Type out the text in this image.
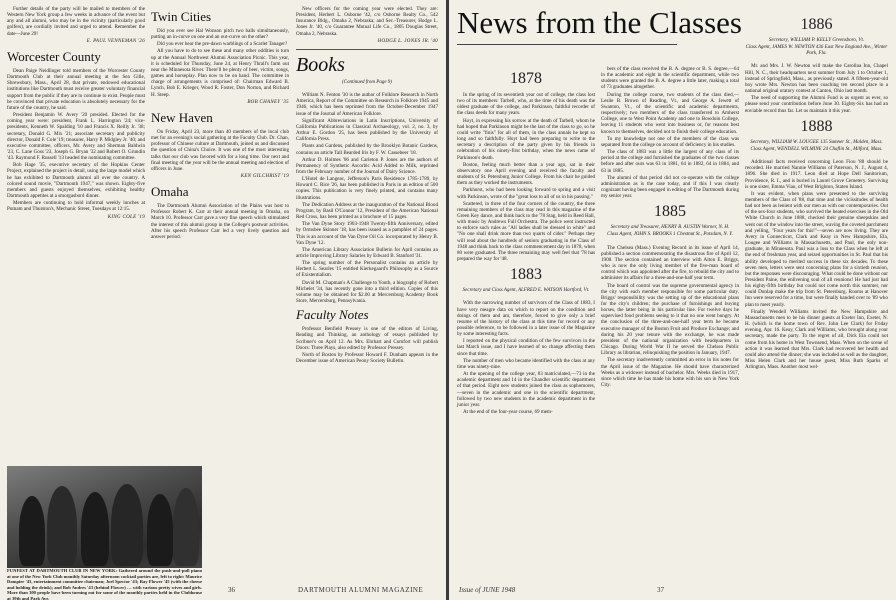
Further details of the party will be mailed to members of the Western New York group a few weeks in advance of the event but any and all alumni, who may be in the vicinity (particularly good golfers), are cordially invited and urged to attend. Remember the date—June 29!

E. PAUL VENNEMAN '26
Worcester County

Dean Paige Neidlinger told members of the Worcester County Dartmouth Club at their annual meeting at the Sea Gille, Shrewsbury, Mass., April 28, that private, endowed educational institutions like Dartmouth must receive greater voluntary financial support from the public if they are to continue to exist. People must be convinced that private education is absolutely necessary for the future of the country, he said.

President Benjamin W. Avery '20 presided. Elected for the coming year were: president, Frank L. Harrington '24; vice-presidents, Kenneth W. Spalding '10 and Francis X. Reilly Jr. '38; secretary, Donald G. Mix '21; associate secretary and publicity director, Donald F. Cole '19; treasurer, Harry P. Midgley Jr. '40; and executive committee, officers, Mr. Avery and Sherman Baldwin '23, C. Lane Goss '23, Joseph G. Bryan '32 and Robert O. Grundin '43. Raymond F. Russell '13 headed the nominating committee.

Bob Hage '35, executive secretary of the Hopkins Center Project, explained the project in detail, using the large model which he has exhibited to Dartmouth alumni all over the country. A colored sound movie, "Dartmouth 1947," was shown. Eighty-five members and guests enjoyed themselves, exhibiting healthy Dartmouth appetites at a smorgasbord dinner.

Members are continuing to hold informal weekly lunches at Putnam and Thurston's, Mechanic Street, Tuesdays at 12:15.

KING COLE '19
Twin Cities

Did you ever see Hal Wonson pitch two balls simultaneously, putting an in-curve on one and an out-curve on the other?

Did you ever hear the pre-dawn warblings of a Scarlet Tanager?

All you have to do to see these and many other oddities is turn up at the Annual Northwest Alumni Association Picnic. This year, it is scheduled for Thursday, June 24, at Henry Thrall's farm out near the Minnesota River. There'll be plenty of beer, victim, songs, games and horseplay. Plan now to be on hand. The committee in charge of arrangements is comprised of: Chairman Edward B. Lynch, Bob E. Krieger, Wood R. Foster, Don Norton, and Richard H. Steep.

BOB CHANEY '35
New Haven

On Friday, April 23, more than 40 members of the local club met for an evening's social gathering at the Faculty Club. Dr. Chan, professor of Chinese culture at Dartmouth, joined us and discussed the question of China's Choice. It was one of the most interesting talks that our club was favored with for a long time. Our next and final meeting of the year will be the annual meeting and election of officers in June.

KEN GILCHRIST '19
Omaha

The Dartmouth Alumni Association of the Plains was host to Professor Robert K. Carr at their annual meeting in Omaha, on March 10. Professor Carr gave a very fine speech which stimulated the interest of this alumni group in the College's postwar activities. After his speech Professor Carr led a very lively question and answer period.

New officers for the coming year were elected. They are: President, Herbert L. Osborne '42, c/o Osborne Realty Co., 542 Insurance Bldg., Omaha 2, Nebraska; and Sec.-Treasurer, Hodge L. Jones Jr. '40, c/o Guarantee Mutual Life Co., 1805 Douglas Street, Omaha 2, Nebraska.

HODGE L. JONES JR. '40
Books
(Continued from Page 9)

William N. Fenton '30 is the author of Folklore Research in North America, Report of the Committee on Research in Folklore 1945 and 1946, which has been reprinted from the October-December 1947 issue of the Journal of American Folklore.

Significant Abbreviations in Latin Inscriptions, University of California Publications in Classical Archaeology, vol. 2, no. 3, by Arthur E. Gordon '25, has been published by the University of California Press.

Plants and Gardens, published by the Brooklyn Botanic Gardens, contains an article Tall Bearded Iris by F. W. Cassebeer '18.

Arthur D. Holmes '06 and Carleton P. Jones are the authors of Permanency of Synthetic Ascorbic Acid Added to Milk, reprinted from the February number of the Journal of Dairy Science.

L'Hotel de Langeac, Jefferson's Paris Residence 1785-1789, by Howard C. Rice '26, has been published in Paris in an edition of 500 copies. This publication is very finely printed, and contains many illustrations.

The Dedication Address at the inauguration of the National Blood Program, by Basil O'Connor '12, President of the American National Red Cross, has been printed as a brochure of 15 pages.

The Van Dyne Story 1903-1948 Twenty-fifth Anniversary, edited by Ormsbee Skinner '18, has been issued as a pamphlet of 24 pages. This is an account of the Van Dyne Oil Co. incorporated by Henry B. Van Dyne '12.

The American Library Association Bulletin for April contains an article Improving Library Salaries by Edward B. Stanford '31.

The spring number of the Personalist contains an article by Herbert L. Searles '15 entitled Kierkegaard's Philosophy as a Source of Existentialism.

David M. Chapman's A Challenge to Youth, a biography of Robert Michelet '34, has recently gone into a third edition. Copies of this volume may be obtained for $2.00 at Mercersburg Academy Book Store, Mercersburg, Pennsylvania.

Faculty Notes

Professor Benfield Pressey is one of the editors of Living, Reading and Thinking, an anthology of essays published by Scribner's on April 12. As Mrs. Ehrhart and Comfort will publish Doors: Three Plays, also edited by Professor Pressey.

North of Boston by Professor Howard F. Dunham appears in the December issue of American Peony Society Bulletin.

FUNFEST AT DARTMOUTH CLUB IN NEW YORK: Gathered around the push-and-pull piano at one of the New York Club monthly Saturday afternoon cocktail parties are, left to right: Maurice Dampier '43, entertainment committee chairman; Joel Spector '43; Ray Flower '45 (with the cheese and holding the drink); and Bob Andres '43 (behind Flower) … with various pretty wives and girls. More than 300 people have been turning out for some of the monthly parties held in the Clubhouse at 39th and Park Ave.
36	DARTMOUTH ALUMNI MAGAZINE
News from the Classes
1878

In the spring of its seventieth year out of college, the class lost two of its members: Tarbell, who, at the time of his death was the oldest graduate of the college, and Parkinson, faithful recorder of the class deeds for many years.

Hoyt, in expressing his sorrow at the death of Tarbell, whom he had hoped that Parkinson might be the last of the class to go, so he could write "finis" for all of them, in the class annals he kept so long and so faithfully. Hoyt had been preparing to write to the secretary a description of the party given by his friends in celebration of his ninety-first birthday, when the news came of Parkinson's death.

Boston, feeling much better than a year ago, sat in their observatory one April evening and received the faculty and students of St. Petersburg Junior College. From his chair he guided them as they worked the instruments.

Parkhurst, who had been looking forward to spring and a visit with Parkinson, wrote of the "great loss to all of us in his passing."

Scattered, in three of the four corners of the country, the three remaining members of the class may read in this magazine of the Green Key dance, and think back to the '78 Stag, held in Reed Hall, with music by Andrews Full Orchestra. The police went instructed to enforce such rules as "All ladies shall be dressed in white" and "No one shall drink more than two quarts of cider." Perhaps they will read about the hundreds of seniors graduating in the Class of 1948 and think back to the class commencement day in 1878, when 80 were graduated. The three remaining may well feel that '78 has prepared the way for '48.

1883
Secretary and Class Agent, ALFRED E. WATSON Hartford, Vt.

With the narrowing number of survivors of the Class of 1883, I have very meagre data on which to report on the condition and doings of them and am, therefore, forced to give only a brief resume of the history of the class at this time for record or any possible reference, to be followed in a later issue of the Magazine by some interesting facts.

I reported on the physical condition of the few survivors in the last March issue, and I have learned of no change affecting them since that time.

The number of men who became identified with the class at any time was ninety-nine.

At the opening of the college year, 83 matriculated,—73 in the academic department and 14 in the Chandler scientific department of that period. Eight new students joined the class as sophomores,—seven in the academic and one in the scientific department, followed by two new students in the academic department in the junior year.

At the end of the four-year course, 69 mem-

bers of the class received the B. A. degree or B. S. degree,—64 in the academic and eight in the scientific department, while two students were granted the B. A. degree a little later, making a total of 73 graduates altogether.

During the college course, two students of the class died,—Leslie B. Brown of Reading, Vt., and George A. Jewett of Swanton, Vt., of the scientific and academic departments, respectively; two members of the class transferred to Amherst College, one to West Point Academy and one to Bowdoin College, leaving 11 students who went into business or, for reasons best known to themselves, decided not to finish their college education.

To my knowledge not one of the members of the class was separated from the college on account of deficiency in his studies.

The class of 1883 was a little the largest of any class of its period at the college and furnished the graduates of the two classes before and after ours was 63 in 1881, 64 in 1882, 64 in 1884, and 63 in 1885.

The alumni of that period did not co-operate with the college administration as is the case today, and if this I was clearly cognizant having been engaged in editing of The Dartmouth during my senior year.

1885
Secretary and Treasurer, HENRY B. AUSTIN Warner, N. H.
Class Agent, JOHN S. BROOKS 1 Chestnut St., Potsdam, N. Y.

The Chelsea (Mass.) Evening Record in its issue of April 14, published a section commemorating the disastrous fire of April 12, 1908. The section contained an interview with Alton E. Briggs, who is now the only living member of the five-man board of control which was appointed after the fire, to rebuild the city and to administer its affairs for a three-and-one-half year term.

The board of control was the supreme governmental agency in the city with each member responsible for some particular duty. Briggs' responsibility was the setting up of the educational plans for the city's children; the purchase of furnishings and buying horses, the latter being in his particular line. For twelve days he supervised food problems seeing to it that no one went hungry. At the conclusion of the three-and-one-half year term he became executive manager of the Boston Fruit and Produce Exchange; and during his 20 year tenure with the exchange, he was made president of the national organization with headquarters in Chicago. During World War II he served the Chelsea Public Library as librarian, relinquishing the position in January, 1947.

The secretary inadvertently committed an error in his notes for the April issue of the Magazine. He should have characterized Weeks as a widower instead of bachelor. Mrs. Weeks died in 1917, since which time he has made his home with his son in New York City.

1886
Secretary, WILLIAM P. KELLY Greensboro, Vt.
Class Agent, JAMES W. NEWTON 436 East New England Ave., Winter Park, Fla.

Mr. and Mrs. J. W. Newton will make the Carolina Inn, Chapel Hill, N. C., their headquarters next summer from July 1 to October 1, instead of Springfield, Mass., as previously stated. A fifteen-year-old boy wrote Mrs. Newton has been coaching ten second place in a national original oratory contest at Canton, Ohio last month.

The need of supporting the Alumni Fund is as urgent as ever, so please send your contribution before June 30. Eighty-Six has had an enviable record thus far. Let us maintain it this year.

1888
Secretary, WILLIAM W. LOUGEE 135 Sumner St., Malden, Mass.
Class Agent, WENDELL WILMINE 24 Chaflin St., Milford, Mass.

Additional facts received concerning Leon Fiou '88 should be recorded. He married Nannie Williams of Paterson, N. J., August 4, 1896. She died in 1917. Leon died at Hope Dell Sanitorium, Providence, R. I., and is buried in Laurel Grove Cemetery. Surviving is one sister, Emma Viau, of West Brighton, Staten Island.

It was evident, when plans were presented to the surviving members of the Class of '88, that time and the vicissitudes of health had not been as lenient with our men as with our contemporaries. Out of the sex-four students, who survived the heated exercises in the Old White Church in June 1888, checked their genuine sheepskins and went out of the window into the street, waving the coveted parchment and yelling, "Four years for this!"—seven are now living. They are Avery in Connecticut, Clark and Keay in New Hampshire, Ela, Lougee and Williams in Massachusetts, and Paul, the only non-graduate, in Minnesota. Paul was a loss to the Class when he left at the end of freshman year, and seized opportunities in St. Paul that his ability developed to merited success in these six decades. To these seven men, letters were sent concerning plans for a sixtieth reunion, but the responses were discouraging. What could be done without our President Paine, the enlivening soul of all reunions! He had just had his eighty-fifth birthday but could not come north this summer, nor could Dunlap make the trip from St. Petersburg. Rooms at Hanover Inn were reserved for a time, but were finally handed over to '89 who plan to meet yearly.

Finally Wendell Williams invited the New Hampshire and Massachusetts men to be his dinner guests at Exeter Inn, Exeter, N. H. (which is the home town of Rev. John Lee Clark) for Friday evening, Apr. 16. Keay, Clark and Williams, who brought along your secretary, made the party. To the regret of all, Dick Ela could not come from his home in West Townsend, Mass. When on the scene of action it was learned that Mrs. Clark had recovered her health and could also attend the dinner; she was included as well as the daughter, Miss Helen Clark and her house guest, Miss Ruth Sparks of Arlington, Mass. Another most wel-

Issue of JUNE 1948	37
